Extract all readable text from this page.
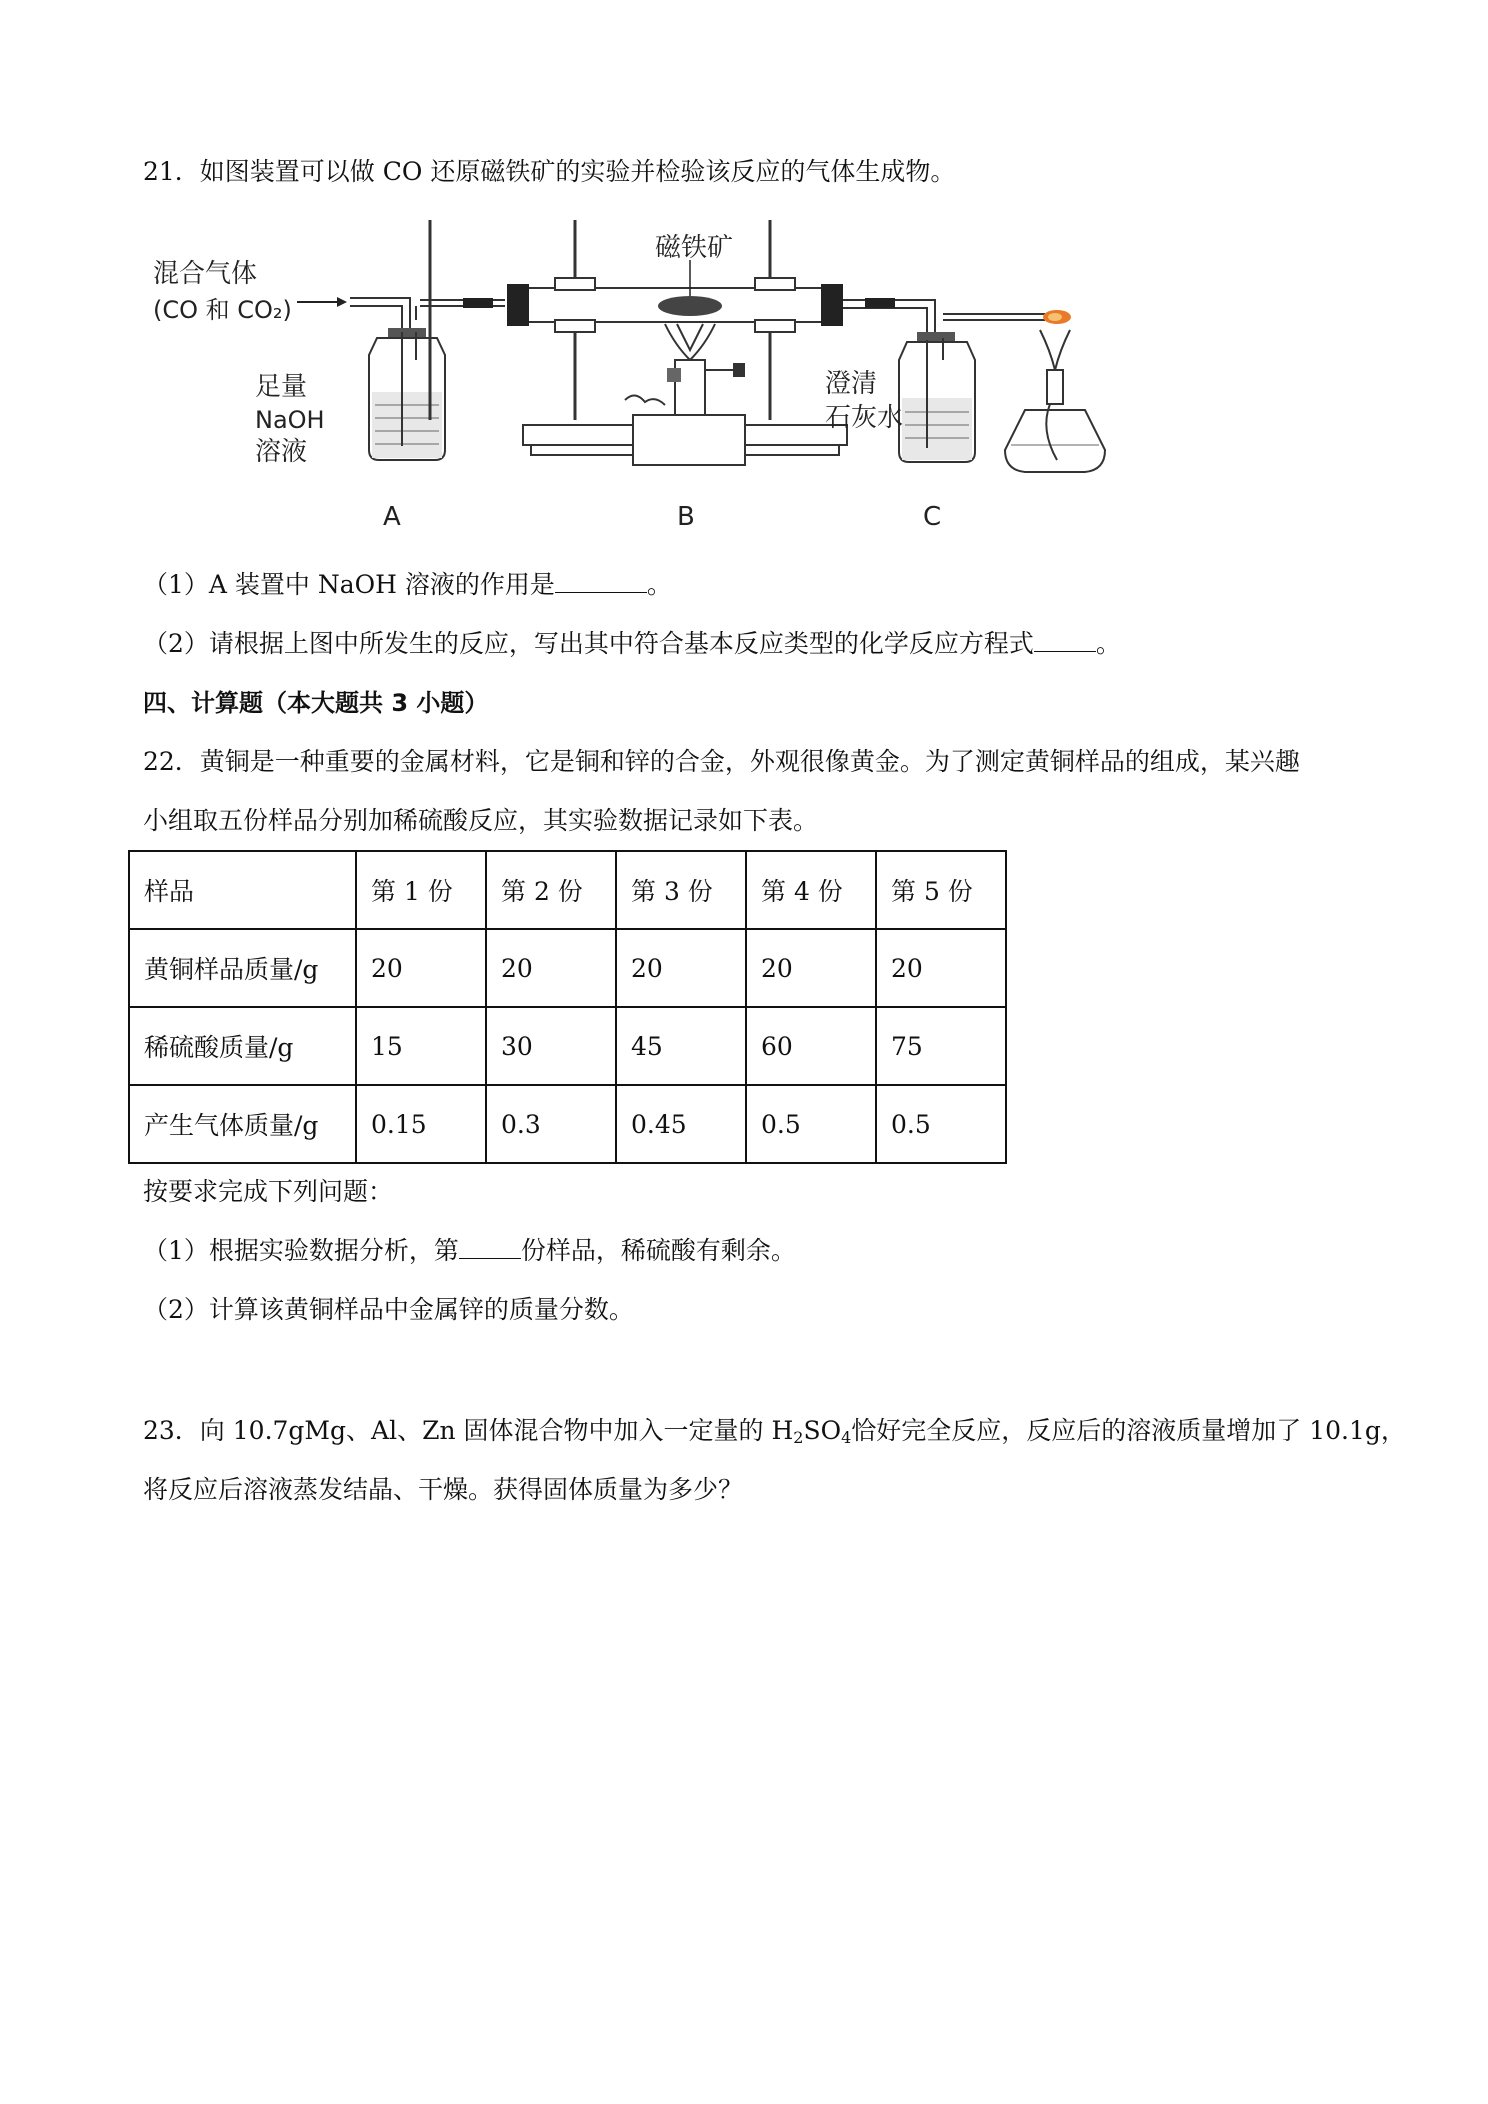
21．如图装置可以做 CO 还原磁铁矿的实验并检验该反应的气体生成物。
混合气体
(CO 和 CO₂)
足量
NaOH
溶液
磁铁矿
澄清
石灰水
A	B	C
（1）A 装置中 NaOH 溶液的作用是	。
（2）请根据上图中所发生的反应，写出其中符合基本反应类型的化学反应方程式 。
四、计算题（本大题共 3 小题）
22．黄铜是一种重要的金属材料，它是铜和锌的合金，外观很像黄金。为了测定黄铜样品的组成，某兴趣
小组取五份样品分别加稀硫酸反应，其实验数据记录如下表。
样品	第 1 份	第 2 份	第 3 份	第 4 份	第 5 份
黄铜样品质量/g	20	20	20	20	20
稀硫酸质量/g	15	30	45	60	75
产生气体质量/g	0.15	0.3	0.45	0.5	0.5
按要求完成下列问题：
（1）根据实验数据分析，第 份样品，稀硫酸有剩余。
（2）计算该黄铜样品中金属锌的质量分数。
23．向 10.7gMg、Al、Zn 固体混合物中加入一定量的 $H_2SO_4$恰好完全反应，反应后的溶液质量增加了 10.1g，
将反应后溶液蒸发结晶、干燥。获得固体质量为多少？
